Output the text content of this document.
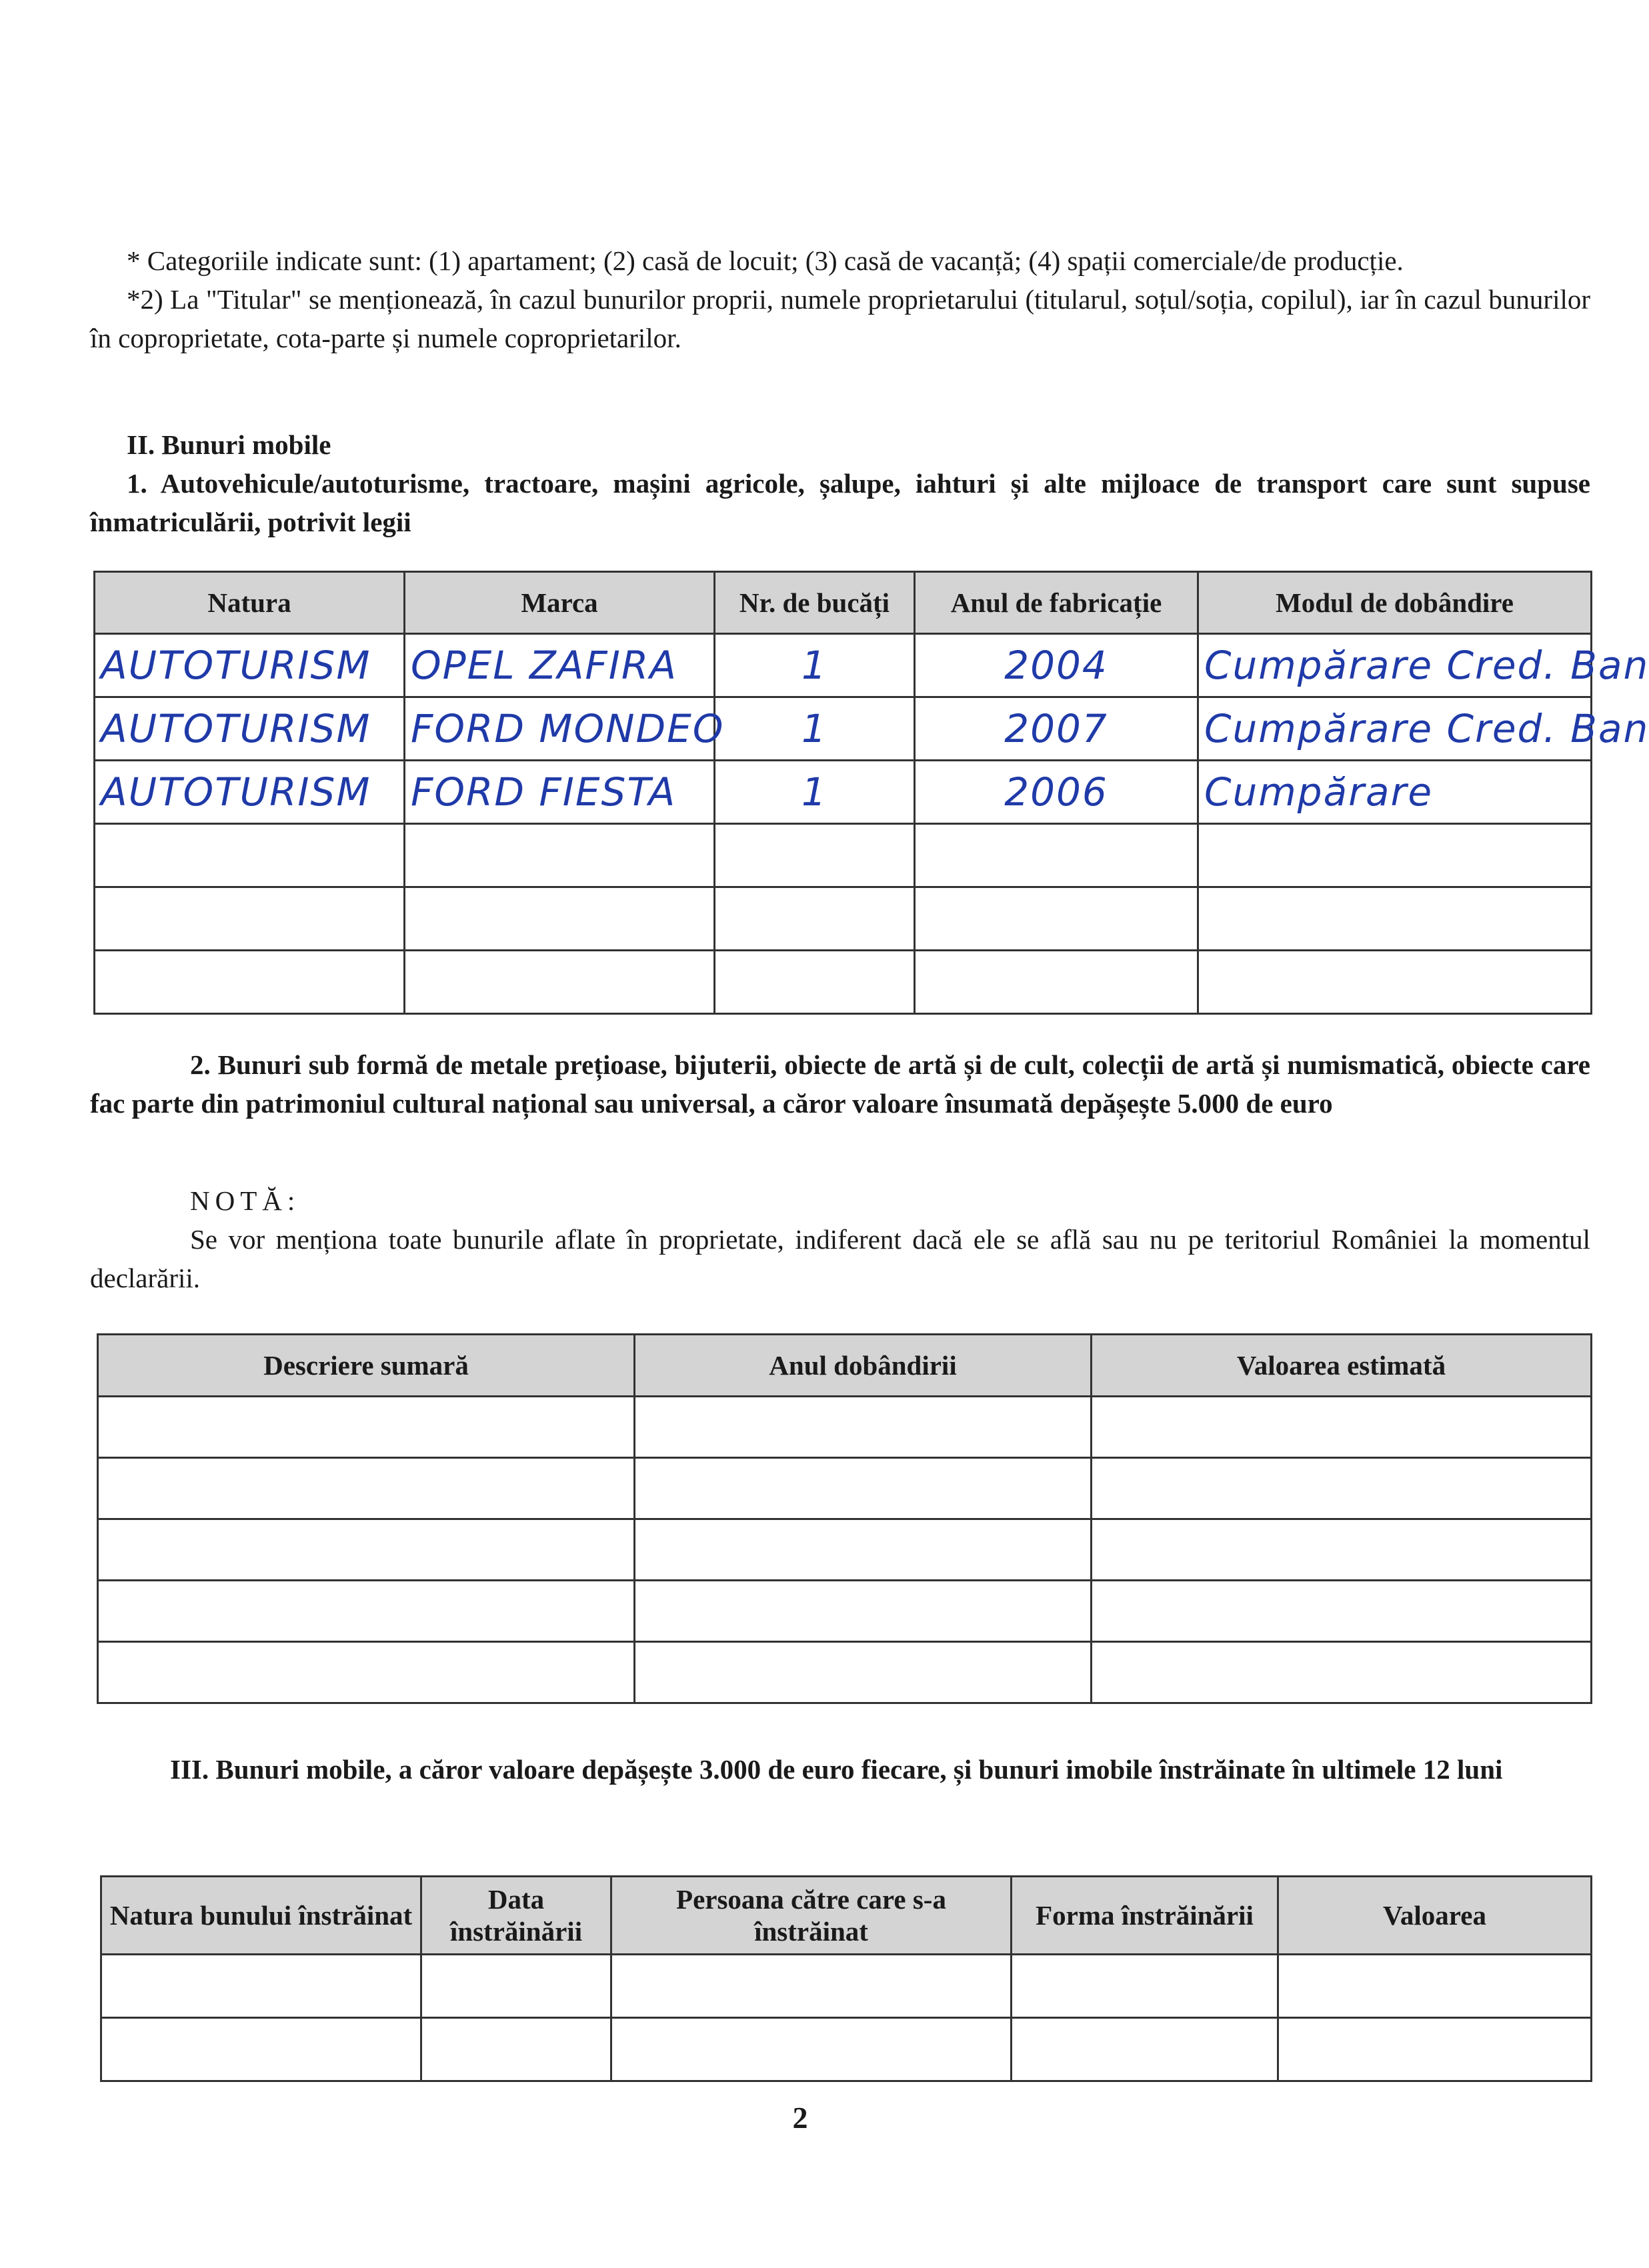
* Categoriile indicate sunt: (1) apartament; (2) casă de locuit; (3) casă de vacanță; (4) spații comerciale/de producție.

*2) La "Titular" se menționează, în cazul bunurilor proprii, numele proprietarului (titularul, soțul/soția, copilul), iar în cazul bunurilor în coproprietate, cota-parte și numele coproprietarilor.

II. Bunuri mobile

1. Autovehicule/autoturisme, tractoare, mașini agricole, șalupe, iahturi și alte mijloace de transport care sunt supuse înmatriculării, potrivit legii

Natura	Marca	Nr. de bucăți	Anul de fabricație	Modul de dobândire
AUTOTURISM	OPEL ZAFIRA	1	2004	Cumpărare Cred. Ban
AUTOTURISM	FORD MONDEO	1	2007	Cumpărare Cred. Ban
AUTOTURISM	FORD FIESTA	1	2006	Cumpărare

2. Bunuri sub formă de metale prețioase, bijuterii, obiecte de artă și de cult, colecții de artă și numismatică, obiecte care fac parte din patrimoniul cultural național sau universal, a căror valoare însumată depășește 5.000 de euro

NOTĂ:

Se vor menționa toate bunurile aflate în proprietate, indiferent dacă ele se află sau nu pe teritoriul României la momentul declarării.

Descriere sumară	Anul dobândirii	Valoarea estimată

III. Bunuri mobile, a căror valoare depășește 3.000 de euro fiecare, și bunuri imobile înstrăinate în ultimele 12 luni

Natura bunului înstrăinat	Data înstrăinării	Persoana către care s-a înstrăinat	Forma înstrăinării	Valoarea

2
